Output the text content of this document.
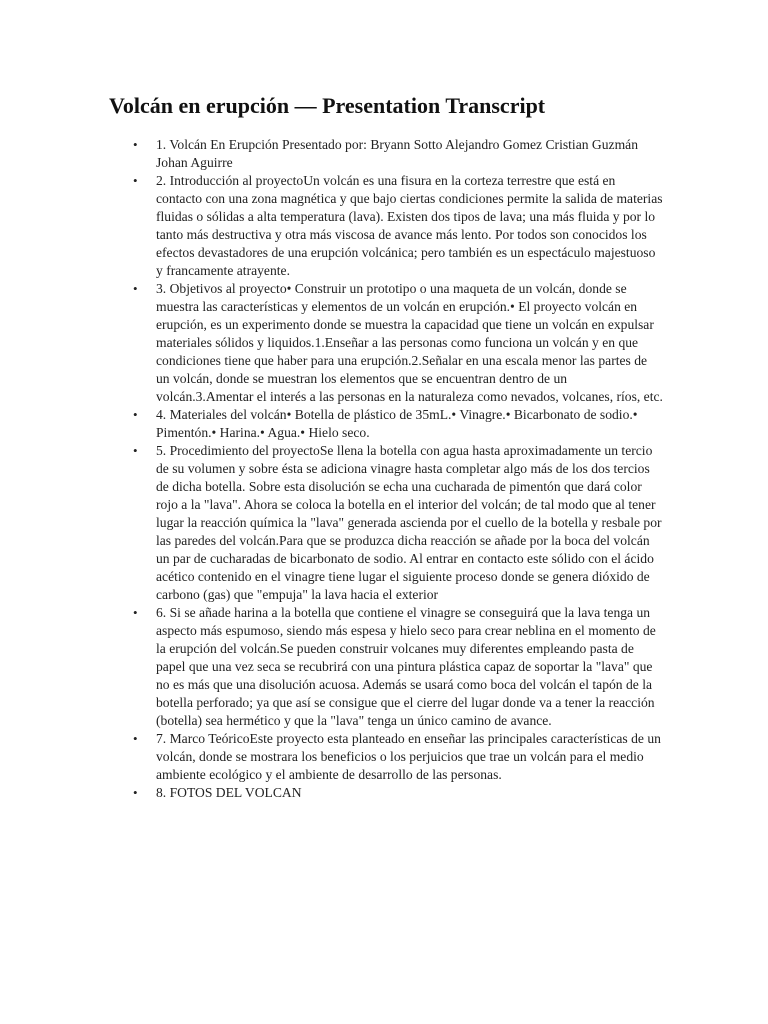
Volcán en erupción — Presentation Transcript
•	1. Volcán En Erupción Presentado por: Bryann Sotto Alejandro Gomez Cristian Guzmán Johan Aguirre
•	2. Introducción al proyectoUn volcán es una fisura en la corteza terrestre que está en contacto con una zona magnética y que bajo ciertas condiciones permite la salida de materias fluidas o sólidas a alta temperatura (lava). Existen dos tipos de lava; una más fluida y por lo tanto más destructiva y otra más viscosa de avance más lento. Por todos son conocidos los efectos devastadores de una erupción volcánica; pero también es un espectáculo majestuoso y francamente atrayente.
•	3. Objetivos al proyecto• Construir un prototipo o una maqueta de un volcán, donde se muestra las características y elementos de un volcán en erupción.• El proyecto volcán en erupción, es un experimento donde se muestra la capacidad que tiene un volcán en expulsar materiales sólidos y liquidos.1.Enseñar a las personas como funciona un volcán y en que condiciones tiene que haber para una erupción.2.Señalar en una escala menor las partes de un volcán, donde se muestran los elementos que se encuentran dentro de un volcán.3.Amentar el interés a las personas en la naturaleza como nevados, volcanes, ríos, etc.
•	4. Materiales del volcán• Botella de plástico de 35mL.• Vinagre.• Bicarbonato de sodio.• Pimentón.• Harina.• Agua.• Hielo seco.
•	5. Procedimiento del proyectoSe llena la botella con agua hasta aproximadamente un tercio de su volumen y sobre ésta se adiciona vinagre hasta completar algo más de los dos tercios de dicha botella. Sobre esta disolución se echa una cucharada de pimentón que dará color rojo a la "lava". Ahora se coloca la botella en el interior del volcán; de tal modo que al tener lugar la reacción química la "lava" generada ascienda por el cuello de la botella y resbale por las paredes del volcán.Para que se produzca dicha reacción se añade por la boca del volcán un par de cucharadas de bicarbonato de sodio. Al entrar en contacto este sólido con el ácido acético contenido en el vinagre tiene lugar el siguiente proceso donde se genera dióxido de carbono (gas) que "empuja" la lava hacia el exterior
•	6. Si se añade harina a la botella que contiene el vinagre se conseguirá que la lava tenga un aspecto más espumoso, siendo más espesa y hielo seco para crear neblina en el momento de la erupción del volcán.Se pueden construir volcanes muy diferentes empleando pasta de papel que una vez seca se recubrirá con una pintura plástica capaz de soportar la "lava" que no es más que una disolución acuosa. Además se usará como boca del volcán el tapón de la botella perforado; ya que así se consigue que el cierre del lugar donde va a tener la reacción (botella) sea hermético y que la "lava" tenga un único camino de avance.
•	7. Marco TeóricoEste proyecto esta planteado en enseñar las principales características de un volcán, donde se mostrara los beneficios o los perjuicios que trae un volcán para el medio ambiente ecológico y el ambiente de desarrollo de las personas.
•	8. FOTOS DEL VOLCAN
